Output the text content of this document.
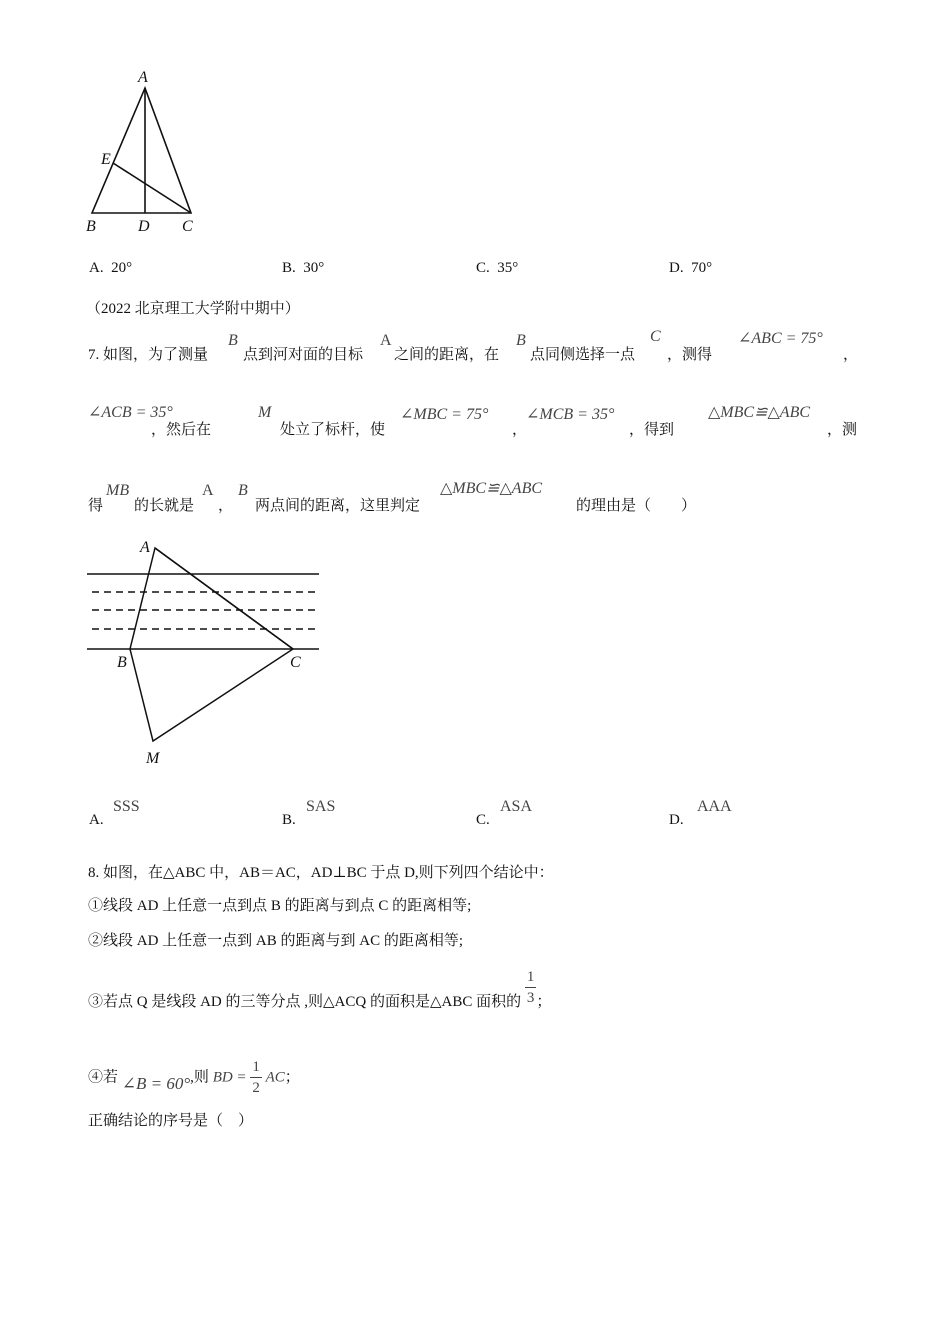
A
E
B	D C
A. 20°	B. 30°	C. 35°	D. 70°
（2022 北京理工大学附中期中）
7. 如图，为了测量
B
点到河对面的目标
A
之间的距离，在
B
点同侧选择一点
C
，测得
∠ABC = 75°
，
∠ACB = 35°
，然后在
M
处立了标杆，使
∠MBC = 75°
，
∠MCB = 35°
，得到
△MBC≌△ABC
，测
得
MB
的长就是
A
，
B
两点间的距离，这里判定
△MBC≌△ABC
的理由是（　　）
A
B	C
M
A.
SSS
B.
SAS
C.
ASA
D.
AAA
8. 如图，在△ABC 中，AB＝AC，AD⊥BC 于点 D,则下列四个结论中：
①线段 AD 上任意一点到点 B 的距离与到点 C 的距离相等;
②线段 AD 上任意一点到 AB 的距离与到 AC 的距离相等;
③若点 Q 是线段 AD 的三等分点 ,则△ACQ 的面积是△ABC 面积的 $\frac{1}{3}$ ；
④若 ∠B = 60°,则 BD = $\frac{1}{2}$ AC；
正确结论的序号是（　）
